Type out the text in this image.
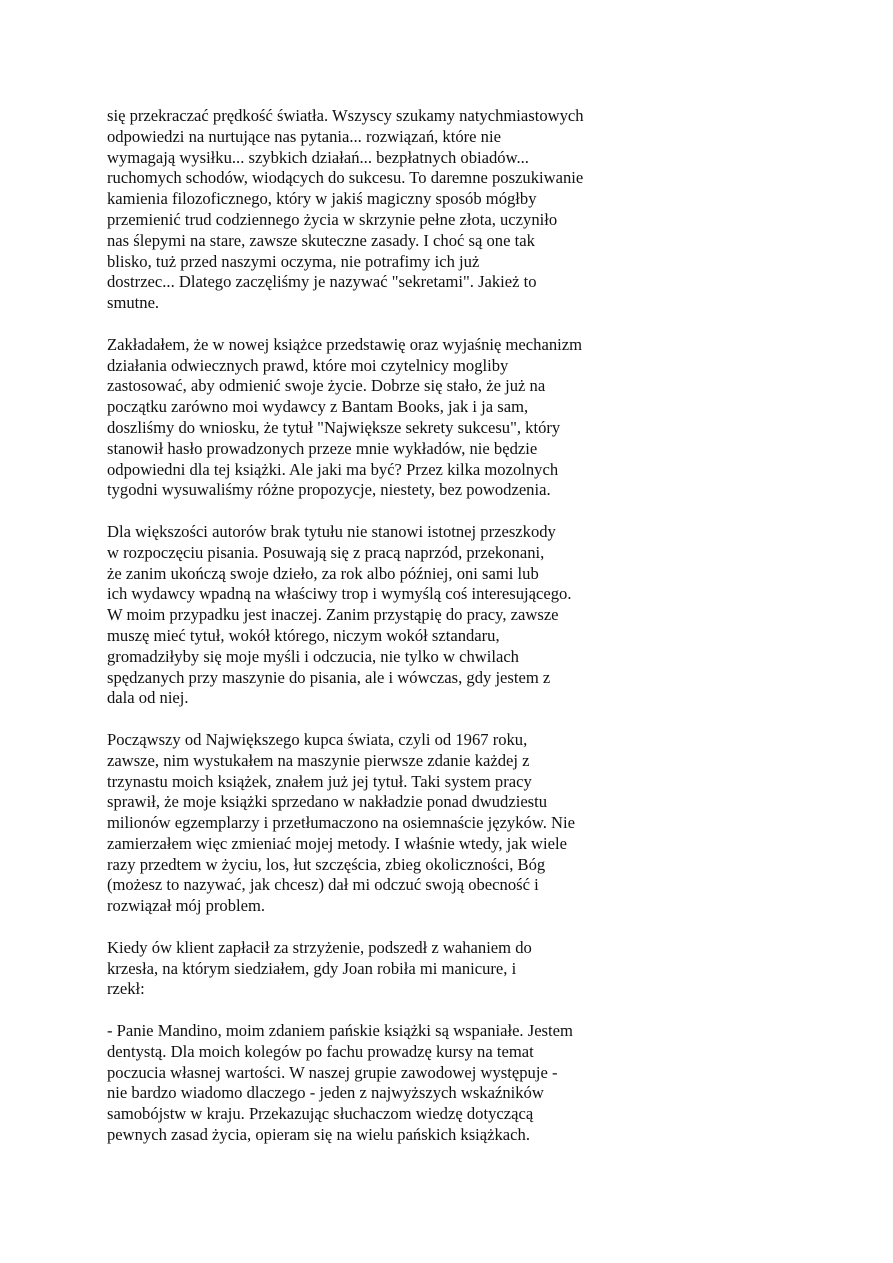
się przekraczać prędkość światła. Wszyscy szukamy natychmiastowych
odpowiedzi na nurtujące nas pytania... rozwiązań, które nie
wymagają wysiłku... szybkich działań... bezpłatnych obiadów...
ruchomych schodów, wiodących do sukcesu. To daremne poszukiwanie
kamienia filozoficznego, który w jakiś magiczny sposób mógłby
przemienić trud codziennego życia w skrzynie pełne złota, uczyniło
nas ślepymi na stare, zawsze skuteczne zasady. I choć są one tak
blisko, tuż przed naszymi oczyma, nie potrafimy ich już
dostrzec... Dlatego zaczęliśmy je nazywać "sekretami". Jakież to
smutne.

Zakładałem, że w nowej książce przedstawię oraz wyjaśnię mechanizm
działania odwiecznych prawd, które moi czytelnicy mogliby
zastosować, aby odmienić swoje życie. Dobrze się stało, że już na
początku zarówno moi wydawcy z Bantam Books, jak i ja sam,
doszliśmy do wniosku, że tytuł "Największe sekrety sukcesu", który
stanowił hasło prowadzonych przeze mnie wykładów, nie będzie
odpowiedni dla tej książki. Ale jaki ma być? Przez kilka mozolnych
tygodni wysuwaliśmy różne propozycje, niestety, bez powodzenia.

Dla większości autorów brak tytułu nie stanowi istotnej przeszkody
w rozpoczęciu pisania. Posuwają się z pracą naprzód, przekonani,
że zanim ukończą swoje dzieło, za rok albo później, oni sami lub
ich wydawcy wpadną na właściwy trop i wymyślą coś interesującego.
W moim przypadku jest inaczej. Zanim przystąpię do pracy, zawsze
muszę mieć tytuł, wokół którego, niczym wokół sztandaru,
gromadziłyby się moje myśli i odczucia, nie tylko w chwilach
spędzanych przy maszynie do pisania, ale i wówczas, gdy jestem z
dala od niej.

Począwszy od Największego kupca świata, czyli od 1967 roku,
zawsze, nim wystukałem na maszynie pierwsze zdanie każdej z
trzynastu moich książek, znałem już jej tytuł. Taki system pracy
sprawił, że moje książki sprzedano w nakładzie ponad dwudziestu
milionów egzemplarzy i przetłumaczono na osiemnaście języków. Nie
zamierzałem więc zmieniać mojej metody. I właśnie wtedy, jak wiele
razy przedtem w życiu, los, łut szczęścia, zbieg okoliczności, Bóg
(możesz to nazywać, jak chcesz) dał mi odczuć swoją obecność i
rozwiązał mój problem.

Kiedy ów klient zapłacił za strzyżenie, podszedł z wahaniem do
krzesła, na którym siedziałem, gdy Joan robiła mi manicure, i
rzekł:

- Panie Mandino, moim zdaniem pańskie książki są wspaniałe. Jestem
dentystą. Dla moich kolegów po fachu prowadzę kursy na temat
poczucia własnej wartości. W naszej grupie zawodowej występuje -
nie bardzo wiadomo dlaczego - jeden z najwyższych wskaźników
samobójstw w kraju. Przekazując słuchaczom wiedzę dotyczącą
pewnych zasad życia, opieram się na wielu pańskich książkach.
